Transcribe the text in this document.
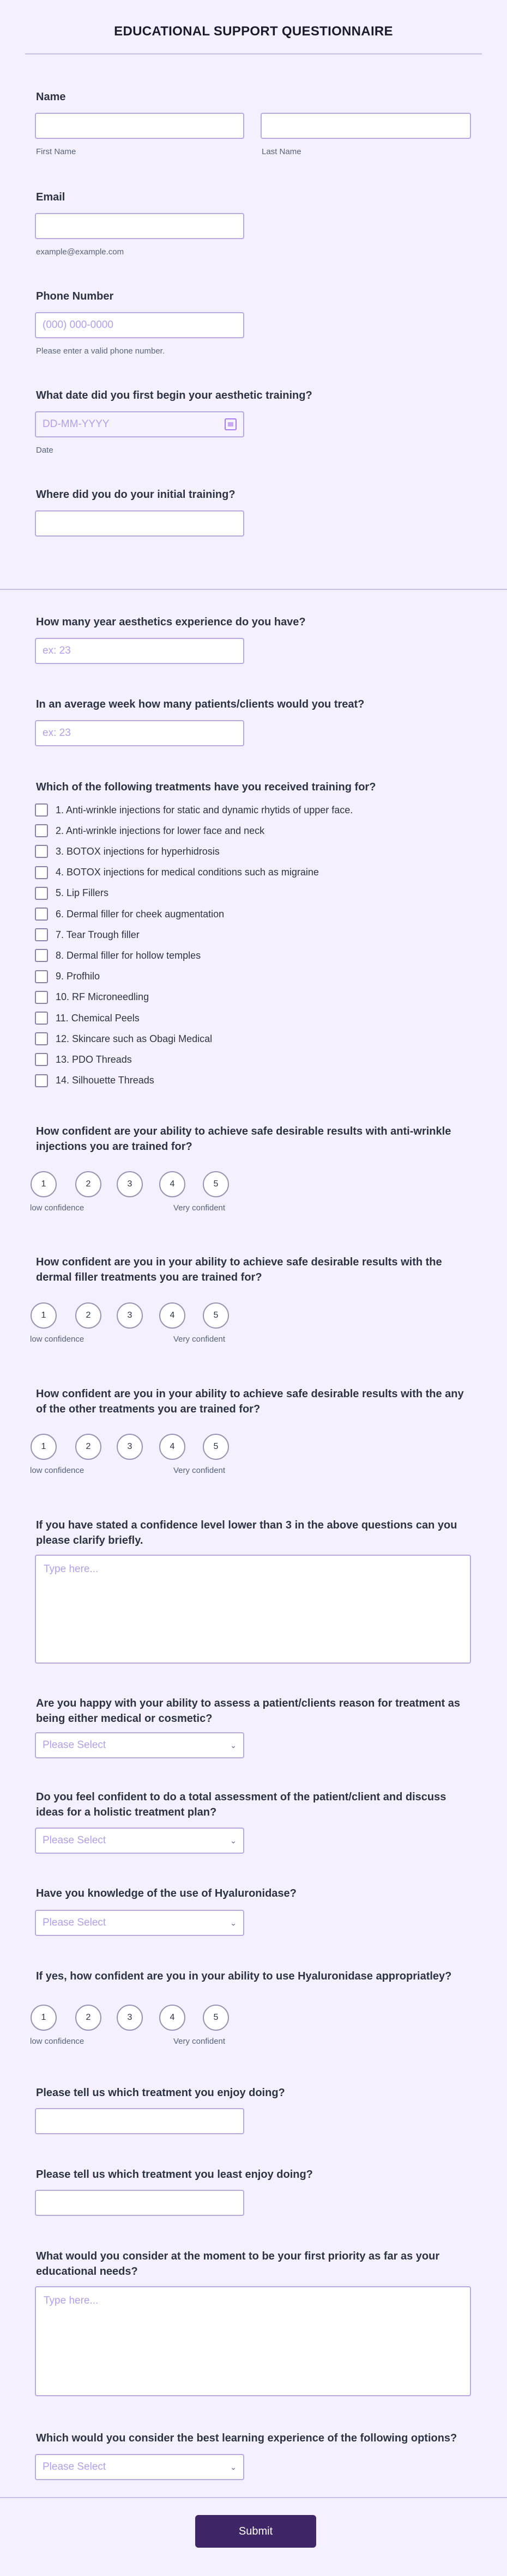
EDUCATIONAL SUPPORT QUESTIONNAIRE
Name
First Name	Last Name
Email
example@example.com
Phone Number
(000) 000-0000
Please enter a valid phone number.
What date did you first begin your aesthetic training?
DD-MM-YYYY
Date
Where did you do your initial training?
How many year aesthetics experience do you have?
ex: 23
In an average week how many patients/clients would you treat?
ex: 23
Which of the following treatments have you received training for?
1. Anti-wrinkle injections for static and dynamic rhytids of upper face.
2. Anti-wrinkle injections for lower face and neck
3. BOTOX injections for hyperhidrosis
4. BOTOX injections for medical conditions such as migraine
5. Lip Fillers
6. Dermal filler for cheek augmentation
7. Tear Trough filler
8. Dermal filler for hollow temples
9. Profhilo
10. RF Microneedling
11. Chemical Peels
12. Skincare such as Obagi Medical
13. PDO Threads
14. Silhouette Threads
How confident are your ability to achieve safe desirable results with anti-wrinkle
injections you are trained for?
1	2	3	4	5
low confidence	Very confident
How confident are you in your ability to achieve safe desirable results with the
dermal filler treatments you are trained for?
1	2	3	4	5
low confidence	Very confident
How confident are you in your ability to achieve safe desirable results with the any
of the other treatments you are trained for?
1	2	3	4	5
low confidence	Very confident
If you have stated a confidence level lower than 3 in the above questions can you
please clarify briefly.
Type here...
Are you happy with your ability to assess a patient/clients reason for treatment as
being either medical or cosmetic?
Please Select	⌄
Do you feel confident to do a total assessment of the patient/client and discuss
ideas for a holistic treatment plan?
Please Select	⌄
Have you knowledge of the use of Hyaluronidase?
Please Select	⌄
If yes, how confident are you in your ability to use Hyaluronidase appropriatley?
1	2	3	4	5
low confidence	Very confident
Please tell us which treatment you enjoy doing?
Please tell us which treatment you least enjoy doing?
What would you consider at the moment to be your first priority as far as your
educational needs?
Type here...
Which would you consider the best learning experience of the following options?
Please Select	⌄
Submit
